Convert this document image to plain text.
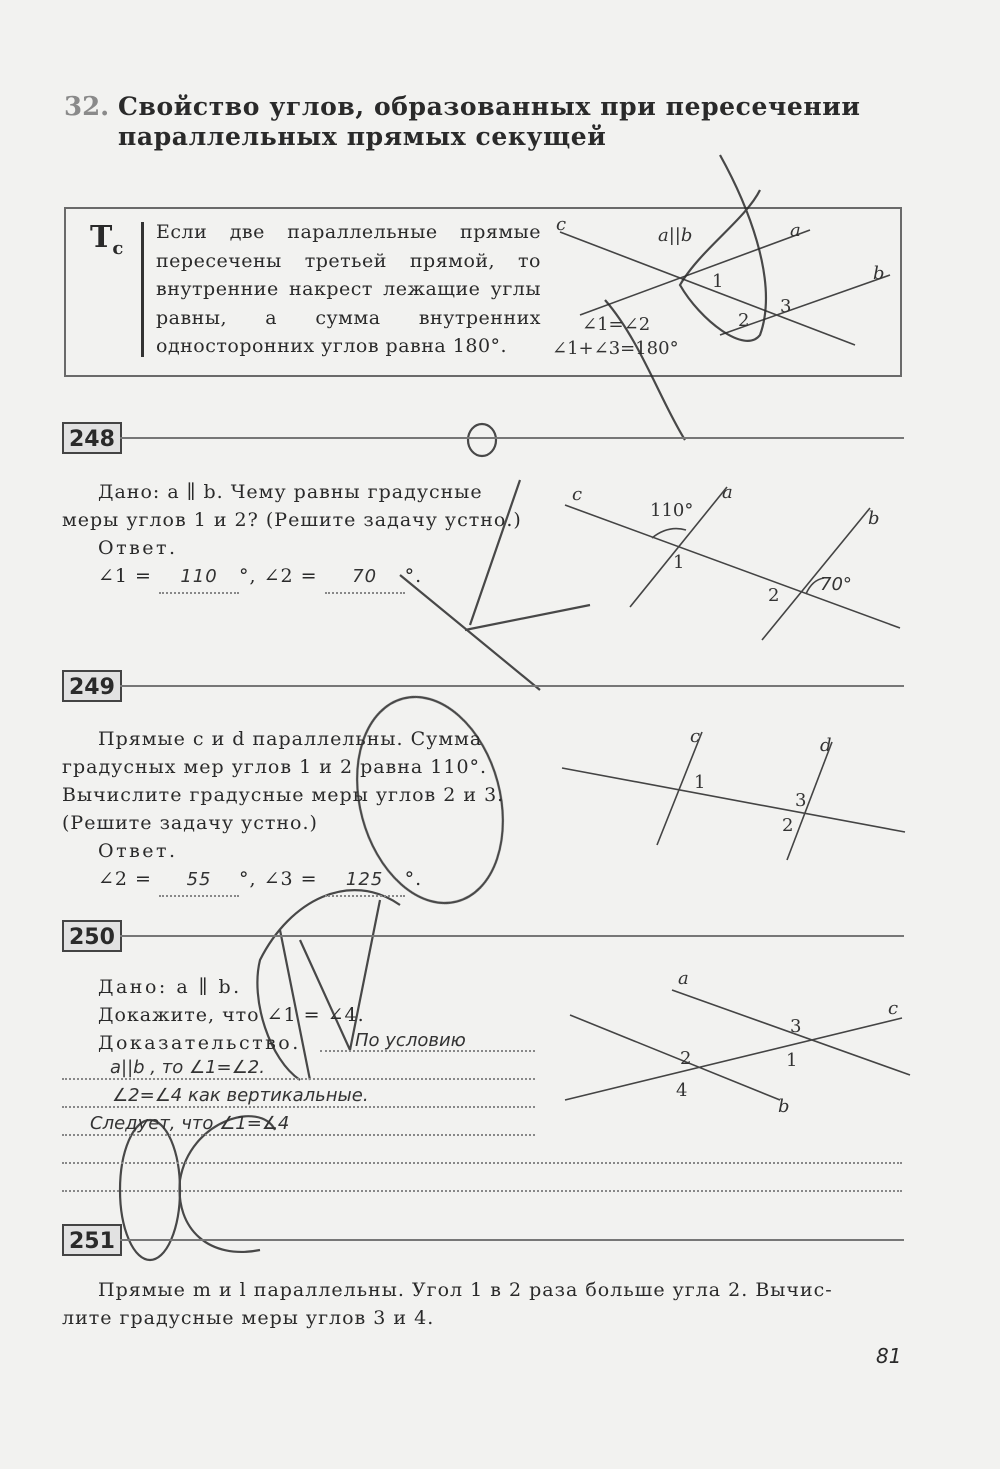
32. Свойство углов, образованных при пересечении параллельных прямых секущей
$T_c$
Если две параллельные прямые пересечены третьей прямой, то внутренние накрест лежащие углы равны, а сумма внутренних односторонних углов равна 180°.
c
a||b	a
b
1
2
3
∠1=∠2
∠1+∠3=180°
c	a
b
110°
1
2
70°
c	d
1
3
2
a
b
c
3
1
2
4
248
Дано: a ∥ b. Чему равны градусные
меры углов 1 и 2? (Решите задачу устно.)
Ответ.
∠1 = 110 °, ∠2 = 70 °.
249
Прямые c и d параллельны. Сумма
градусных мер углов 1 и 2 равна 110°.
Вычислите градусные меры углов 2 и 3.
(Решите задачу устно.)
Ответ.
∠2 = 55 °, ∠3 = 125 °.
250
Дано: a ∥ b.
Докажите, что ∠1 = ∠4.
Доказательство.	По условию
a||b , то ∠1=∠2.
∠2=∠4 как вертикальные.
Следует, что ∠1=∠4
251
Прямые m и l параллельны. Угол 1 в 2 раза больше угла 2. Вычис-
лите градусные меры углов 3 и 4.
81
